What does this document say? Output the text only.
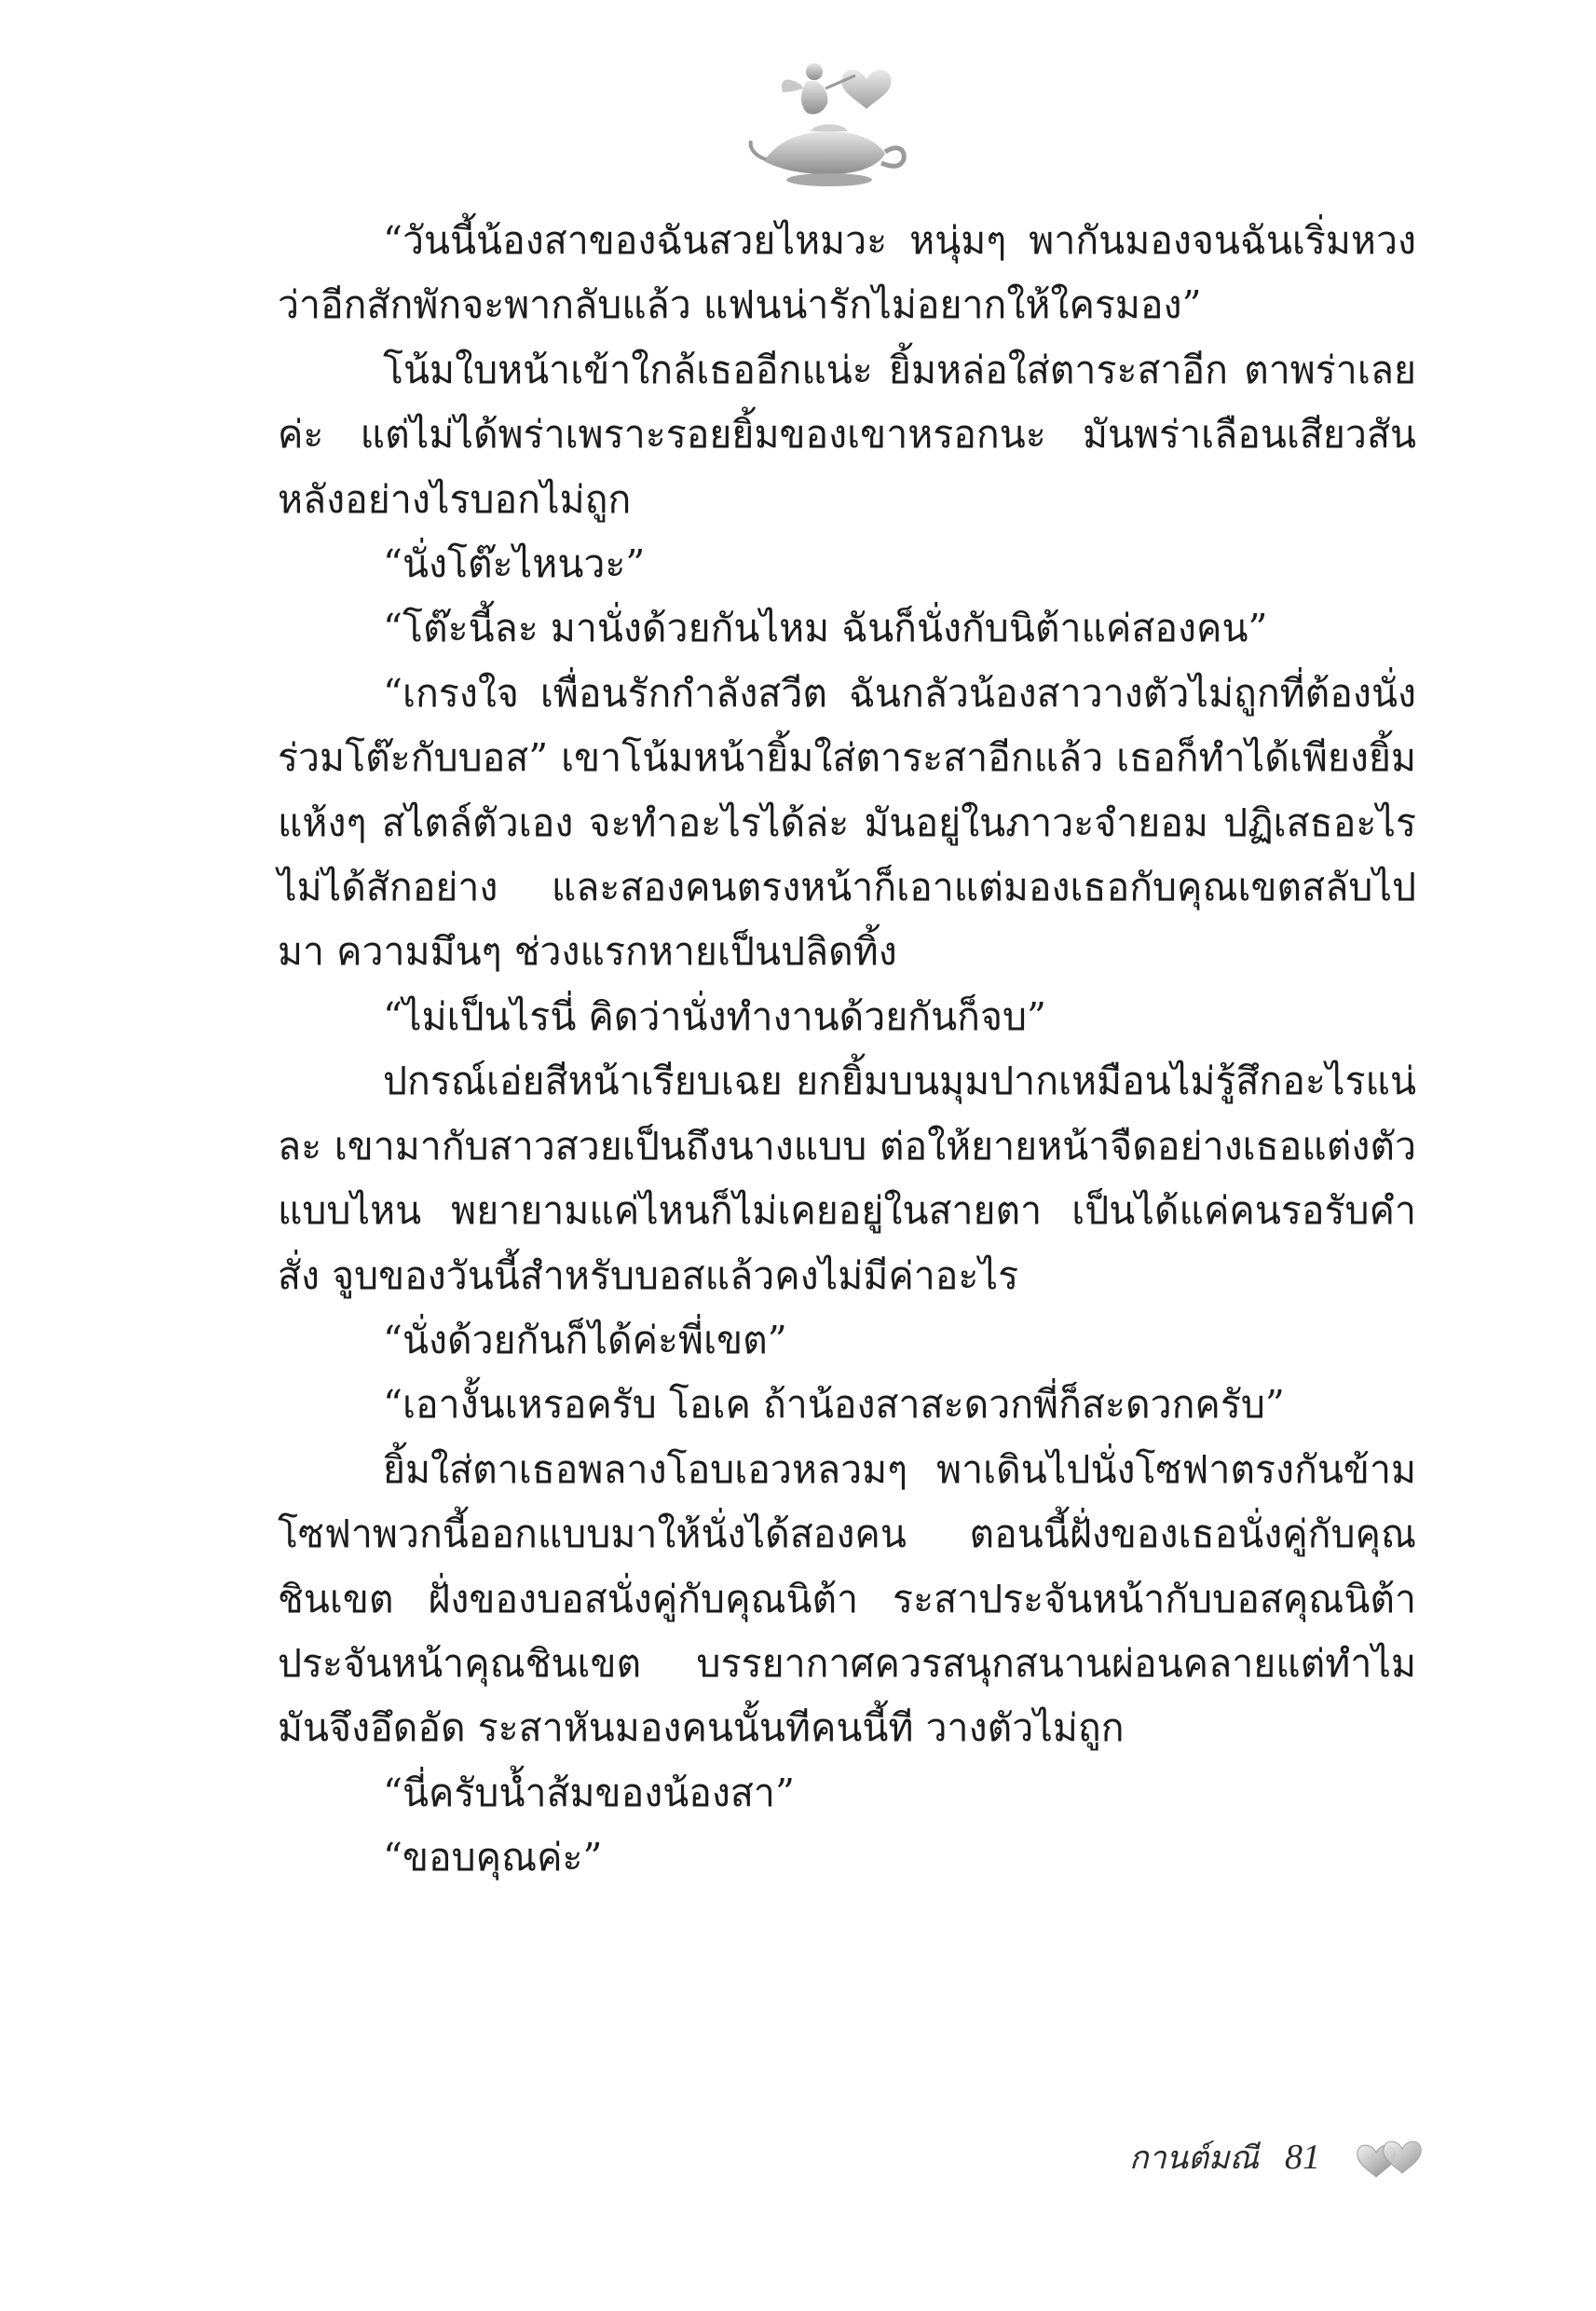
“วันนี้น้องสาของฉันสวยไหมวะ หนุ่มๆ พากันมองจนฉันเริ่มหวง ว่าอีกสักพักจะพากลับแล้ว แฟนน่ารักไม่อยากให้ใครมอง”

โน้มใบหน้าเข้าใกล้เธออีกแน่ะ ยิ้มหล่อใส่ตาระสาอีก ตาพร่าเลยค่ะ แต่ไม่ได้พร่าเพราะรอยยิ้มของเขาหรอกนะ มันพร่าเลือนเสียวสันหลังอย่างไรบอกไม่ถูก

“นั่งโต๊ะไหนวะ”

“โต๊ะนี้ละ มานั่งด้วยกันไหม ฉันก็นั่งกับนิต้าแค่สองคน”

“เกรงใจ เพื่อนรักกำลังสวีต ฉันกลัวน้องสาวางตัวไม่ถูกที่ต้องนั่งร่วมโต๊ะกับบอส” เขาโน้มหน้ายิ้มใส่ตาระสาอีกแล้ว เธอก็ทำได้เพียงยิ้มแห้งๆ สไตล์ตัวเอง จะทำอะไรได้ล่ะ มันอยู่ในภาวะจำยอม ปฏิเสธอะไรไม่ได้สักอย่าง และสองคนตรงหน้าก็เอาแต่มองเธอกับคุณเขตสลับไปมา ความมึนๆ ช่วงแรกหายเป็นปลิดทิ้ง

“ไม่เป็นไรนี่ คิดว่านั่งทำงานด้วยกันก็จบ”

ปกรณ์เอ่ยสีหน้าเรียบเฉย ยกยิ้มบนมุมปากเหมือนไม่รู้สึกอะไรแน่ละ เขามากับสาวสวยเป็นถึงนางแบบ ต่อให้ยายหน้าจืดอย่างเธอแต่งตัวแบบไหน พยายามแค่ไหนก็ไม่เคยอยู่ในสายตา เป็นได้แค่คนรอรับคำสั่ง จูบของวันนี้สำหรับบอสแล้วคงไม่มีค่าอะไร

“นั่งด้วยกันก็ได้ค่ะพี่เขต”

“เอางั้นเหรอครับ โอเค ถ้าน้องสาสะดวกพี่ก็สะดวกครับ”

ยิ้มใส่ตาเธอพลางโอบเอวหลวมๆ พาเดินไปนั่งโซฟาตรงกันข้ามโซฟาพวกนี้ออกแบบมาให้นั่งได้สองคน ตอนนี้ฝั่งของเธอนั่งคู่กับคุณชินเขต ฝั่งของบอสนั่งคู่กับคุณนิต้า ระสาประจันหน้ากับบอสคุณนิต้าประจันหน้าคุณชินเขต บรรยากาศควรสนุกสนานผ่อนคลายแต่ทำไมมันจึงอึดอัด ระสาหันมองคนนั้นทีคนนี้ที วางตัวไม่ถูก

“นี่ครับน้ำส้มของน้องสา”

“ขอบคุณค่ะ”

กานต์มณี 81
